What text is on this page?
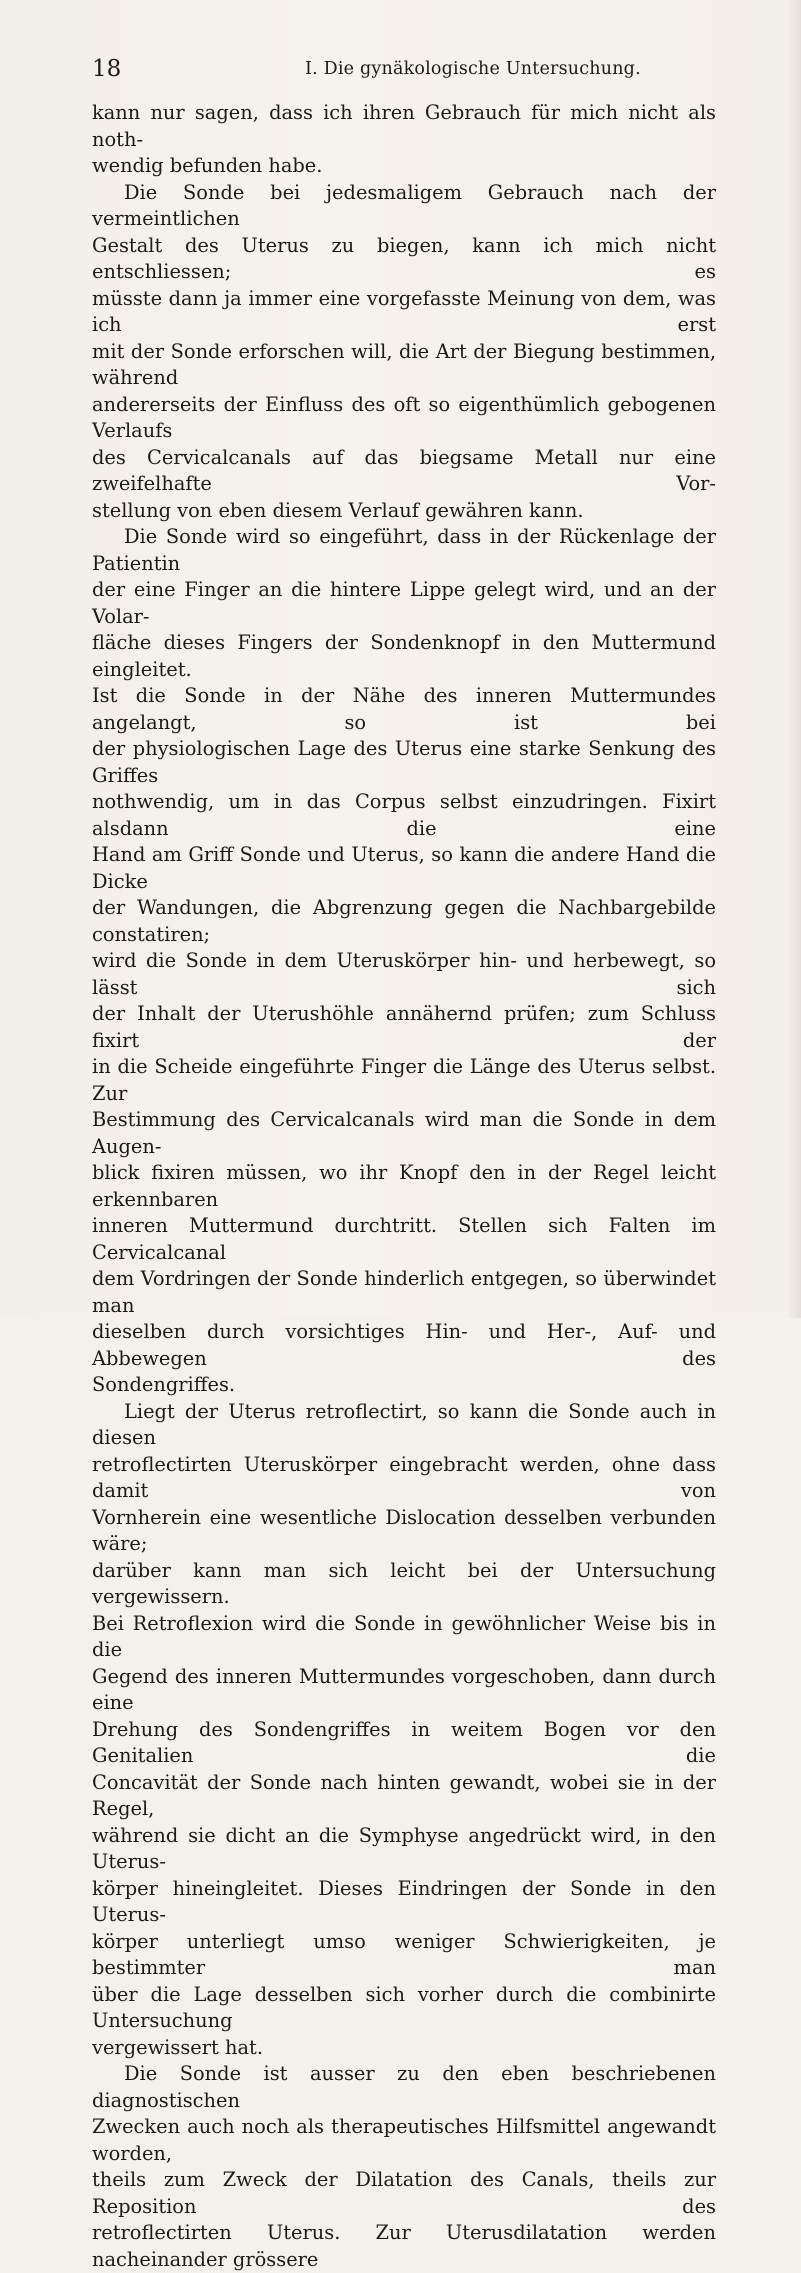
18	I. Die gynäkologische Untersuchung.

kann nur sagen, dass ich ihren Gebrauch für mich nicht als noth-

wendig befunden habe.

Die Sonde bei jedesmaligem Gebrauch nach der vermeintlichen

Gestalt des Uterus zu biegen, kann ich mich nicht entschliessen; es

müsste dann ja immer eine vorgefasste Meinung von dem, was ich erst

mit der Sonde erforschen will, die Art der Biegung bestimmen, während

andererseits der Einfluss des oft so eigenthümlich gebogenen Verlaufs

des Cervicalcanals auf das biegsame Metall nur eine zweifelhafte Vor-

stellung von eben diesem Verlauf gewähren kann.

Die Sonde wird so eingeführt, dass in der Rückenlage der Patientin

der eine Finger an die hintere Lippe gelegt wird, und an der Volar-

fläche dieses Fingers der Sondenknopf in den Muttermund eingleitet.

Ist die Sonde in der Nähe des inneren Muttermundes angelangt, so ist bei

der physiologischen Lage des Uterus eine starke Senkung des Griffes

nothwendig, um in das Corpus selbst einzudringen. Fixirt alsdann die eine

Hand am Griff Sonde und Uterus, so kann die andere Hand die Dicke

der Wandungen, die Abgrenzung gegen die Nachbargebilde constatiren;

wird die Sonde in dem Uteruskörper hin- und herbewegt, so lässt sich

der Inhalt der Uterushöhle annähernd prüfen; zum Schluss fixirt der

in die Scheide eingeführte Finger die Länge des Uterus selbst. Zur

Bestimmung des Cervicalcanals wird man die Sonde in dem Augen-

blick fixiren müssen, wo ihr Knopf den in der Regel leicht erkennbaren

inneren Muttermund durchtritt. Stellen sich Falten im Cervicalcanal

dem Vordringen der Sonde hinderlich entgegen, so überwindet man

dieselben durch vorsichtiges Hin- und Her-, Auf- und Abbewegen des

Sondengriffes.

Liegt der Uterus retroflectirt, so kann die Sonde auch in diesen

retroflectirten Uteruskörper eingebracht werden, ohne dass damit von

Vornherein eine wesentliche Dislocation desselben verbunden wäre;

darüber kann man sich leicht bei der Untersuchung vergewissern.

Bei Retroflexion wird die Sonde in gewöhnlicher Weise bis in die

Gegend des inneren Muttermundes vorgeschoben, dann durch eine

Drehung des Sondengriffes in weitem Bogen vor den Genitalien die

Concavität der Sonde nach hinten gewandt, wobei sie in der Regel,

während sie dicht an die Symphyse angedrückt wird, in den Uterus-

körper hineingleitet. Dieses Eindringen der Sonde in den Uterus-

körper unterliegt umso weniger Schwierigkeiten, je bestimmter man

über die Lage desselben sich vorher durch die combinirte Untersuchung

vergewissert hat.

Die Sonde ist ausser zu den eben beschriebenen diagnostischen

Zwecken auch noch als therapeutisches Hilfsmittel angewandt worden,

theils zum Zweck der Dilatation des Canals, theils zur Reposition des

retroflectirten Uterus. Zur Uterusdilatation werden nacheinander grössere
